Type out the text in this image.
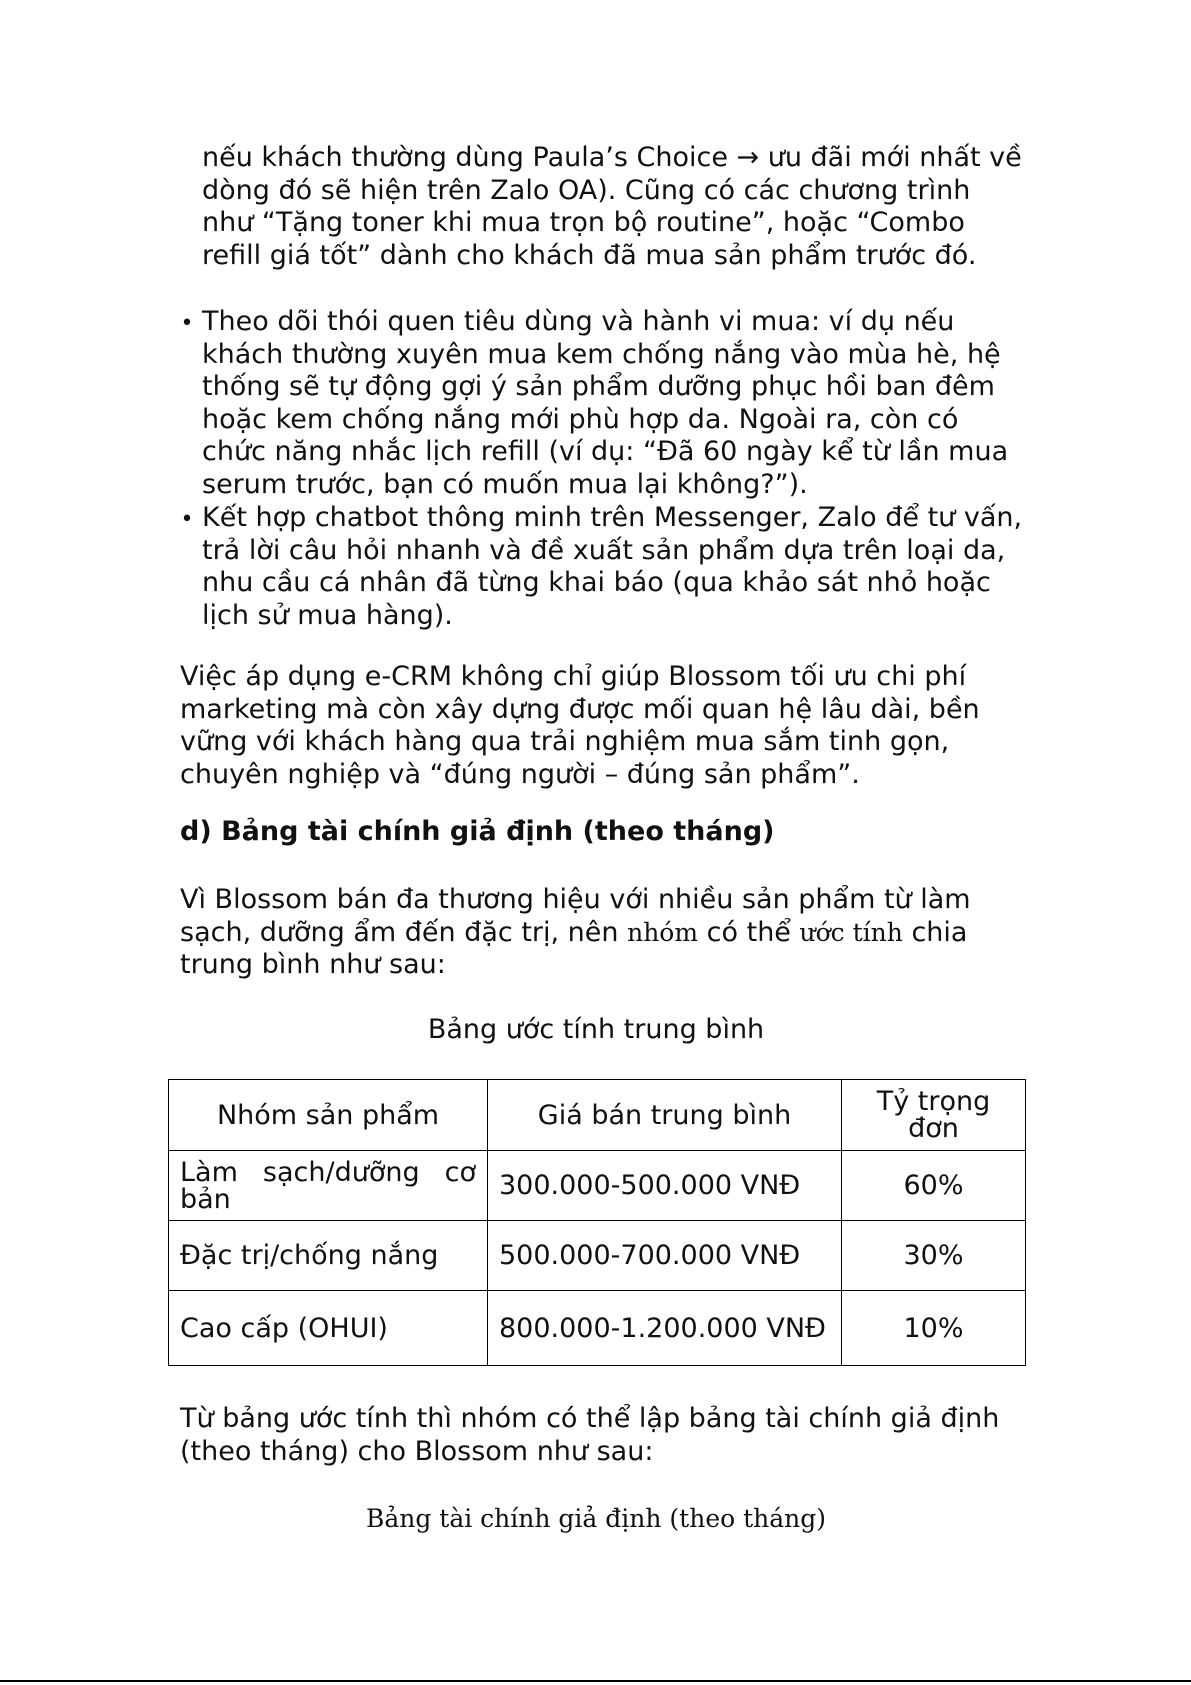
nếu khách thường dùng Paula’s Choice → ưu đãi mới nhất về dòng đó sẽ hiện trên Zalo OA). Cũng có các chương trình như “Tặng toner khi mua trọn bộ routine”, hoặc “Combo refill giá tốt” dành cho khách đã mua sản phẩm trước đó.

• Theo dõi thói quen tiêu dùng và hành vi mua: ví dụ nếu khách thường xuyên mua kem chống nắng vào mùa hè, hệ thống sẽ tự động gợi ý sản phẩm dưỡng phục hồi ban đêm hoặc kem chống nắng mới phù hợp da. Ngoài ra, còn có chức năng nhắc lịch refill (ví dụ: “Đã 60 ngày kể từ lần mua serum trước, bạn có muốn mua lại không?”).
• Kết hợp chatbot thông minh trên Messenger, Zalo để tư vấn, trả lời câu hỏi nhanh và đề xuất sản phẩm dựa trên loại da, nhu cầu cá nhân đã từng khai báo (qua khảo sát nhỏ hoặc lịch sử mua hàng).

Việc áp dụng e-CRM không chỉ giúp Blossom tối ưu chi phí marketing mà còn xây dựng được mối quan hệ lâu dài, bền vững với khách hàng qua trải nghiệm mua sắm tinh gọn, chuyên nghiệp và “đúng người – đúng sản phẩm”.

d) Bảng tài chính giả định (theo tháng)

Vì Blossom bán đa thương hiệu với nhiều sản phẩm từ làm sạch, dưỡng ẩm đến đặc trị, nên nhóm có thể ước tính chia trung bình như sau:

Bảng ước tính trung bình

Nhóm sản phẩm	Giá bán trung bình	Tỷ trọng đơn
Làm sạch/dưỡng cơ bản	300.000-500.000 VNĐ	60%
Đặc trị/chống nắng	500.000-700.000 VNĐ	30%
Cao cấp (OHUI)	800.000-1.200.000 VNĐ	10%

Từ bảng ước tính thì nhóm có thể lập bảng tài chính giả định (theo tháng) cho Blossom như sau:

Bảng tài chính giả định (theo tháng)
